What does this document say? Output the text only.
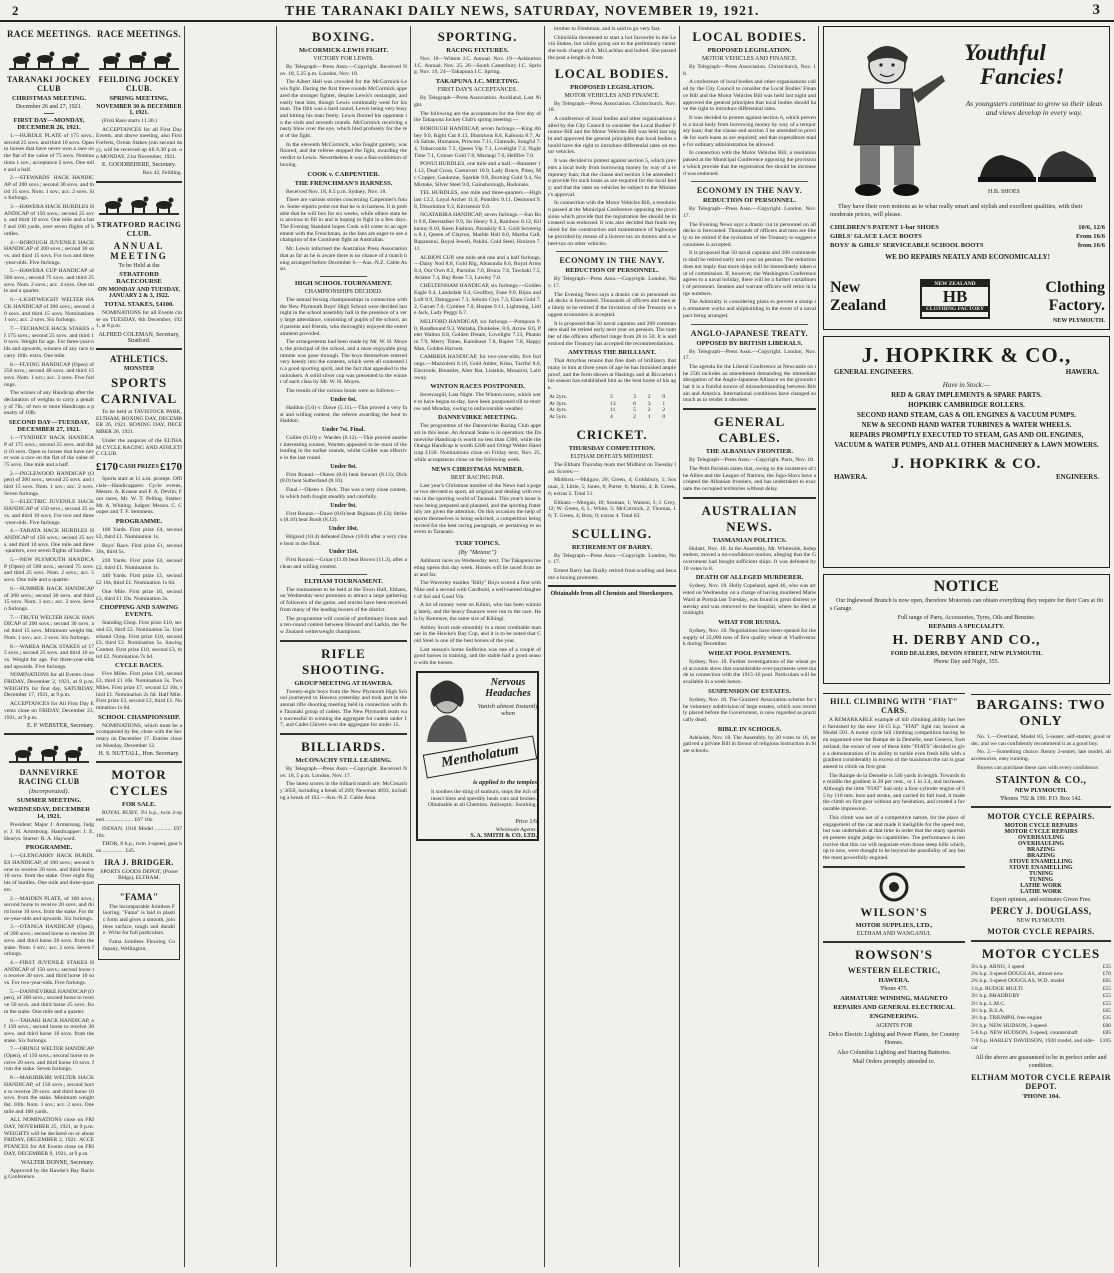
2	THE TARANAKI DAILY NEWS, SATURDAY, NOVEMBER 19, 1921.	3
RACE MEETINGS.
TARANAKI JOCKEY CLUB
CHRISTMAS MEETING.
December 26 and 27, 1921.
FIRST DAY—MONDAY, DECEMBER 26, 1921.

1.—HURDLE PLATE of 175 sovs.; second 25 sovs. and third 10 sovs. Open to horses that have never won a race on the flat of the value of 75 sovs. Nominations 1 sov.; acceptance 2 sovs. One mile and a half.

2.—STEWARDS' HACK HANDICAP of 200 sovs.; second 30 sovs. and third 15 sovs. Nom. 1 sov.; acc. 2 sovs. Six furlongs.

3.—HAWERA HACK HURDLES HANDICAP of 150 sovs.; second 25 sovs. and third 10 sovs. One mile and a half and 100 yards, over seven flights of hurdles.

4.—BOROUGH JUVENILE HACK HANDICAP of 200 sovs.; second 30 sovs. and third 15 sovs. For two and three-year-olds. Five furlongs.

5.—HAWERA CUP HANDICAP of 500 sovs.; second 75 sovs. and third 25 sovs. Nom. 2 sovs.; acc. 4 sovs. One mile and a quarter.

6.—LIGHTWEIGHT WELTER HACK HANDICAP of 200 sovs.; second 40 sovs. and third 15 sovs. Nominations 1 sov.; acc. 2 sovs. Six furlongs.

7.—TECHANCE HACK STAKES of 175 sovs.; second 25 sovs. and third 10 sovs. Weight for age. For three-year-olds and upwards, winners of any race to carry 10lb. extra. One mile.

8.—FLYING HANDICAP (Open) of 250 sovs.; second 40 sovs. and third 15 sovs. Nom. 1 sov.; acc. 2 sovs. Five furlongs.

The winner of any Handicap after the declaration of weights to carry a penalty of 7lb.; of two or more Handicaps a penalty of 10lb.

SECOND DAY—TUESDAY, DECEMBER 27, 1921.

1.—TYNDHEY HACK HANDICAP of 175 sovs.; second 25 sovs. and third 10 sovs. Open to horses that have never won a race on the flat of the value of 75 sovs. One mile and a half.

2.—INGLEWOOD HANDICAP (Open) of 200 sovs.; second 25 sovs. and third 15 sovs. Nom. 1 sov.; acc. 2 sovs. Seven furlongs.

3.—ELECTRIC JUVENILE HACK HANDICAP of 150 sovs.; second 25 sovs. and third 10 sovs. For two and three-year-olds. Five furlongs.

4.—TARATA HACK HURDLES HANDICAP of 150 sovs.; second 25 sovs. and third 10 sovs. One mile and three-quarters, over seven flights of hurdles.

5.—NEW PLYMOUTH HANDICAP (Open) of 500 sovs.; second 75 sovs. and third 25 sovs. Nom. 2 sovs.; acc. 5 sovs. One mile and a quarter.

6.—SUMMER HACK HANDICAP of 200 sovs.; second 30 sovs. and third 15 sovs. Nom. 1 sov.; acc. 2 sovs. Seven furlongs.

7.—TRUTH WELTER HACK HANDICAP of 200 sovs.; second 30 sovs. and third 15 sovs. Minimum weight 8st. Nom. 1 sov.; acc. 2 sovs. Six furlongs.

8.—WAREA HACK STAKES of 175 sovs.; second 25 sovs. and third 10 sovs. Weight for age. For three-year-olds and upwards. Five furlongs.

NOMINATIONS for all Events close FRIDAY, December 2, 1921, at 9 p.m. WEIGHTS for first day, SATURDAY, December 17, 1921, at 9 p.m.

ACCEPTANCES for All First Day Events close on FRIDAY, December 23, 1921, at 9 p.m.

E. P. WEBSTER, Secretary.
DANNEVIRKE RACING CLUB
(Incorporated).
SUMMER MEETING.
WEDNESDAY, DECEMBER 14, 1921.

President: Major J. Armstrong. Judge: J. H. Armstrong. Handicapper: J. E. Henrys. Starter: R. A. Hayward.

PROGRAMME.

1.—GLENGARRY HACK HURDLES HANDICAP, of 100 sovs.; second horse to receive 20 sovs. and third horse 10 sovs. from the stake. Over eight flights of hurdles. One mile and three-quarters.

2.—MAIDEN PLATE, of 100 sovs.; second horse to receive 20 sovs. and third horse 10 sovs. from the stake. For three-year-olds and upwards. Six furlongs.

3.—OTANGA HANDICAP (Open), of 200 sovs.; second horse to receive 30 sovs. and third horse 20 sovs. from the stake. Nom. 1 sov.; acc. 2 sovs. Seven furlongs.

4.—FIRST JUVENILE STAKES HANDICAP of 150 sovs.; second horse to receive 30 sovs. and third horse 10 sovs. For two-year-olds. Five furlongs.

5.—DANNEVIRKE HANDICAP (Open), of 300 sovs.; second horse to receive 50 sovs. and third horse 25 sovs. from the stake. One mile and a quarter.

6.—TAHAKI HACK HANDICAP, of 150 sovs.; second horse to receive 30 sovs. and third horse 10 sovs. from the stake. Six furlongs.

7.—ORINGI WELTER HANDICAP (Open), of 150 sovs.; second horse to receive 20 sovs. and third horse 10 sovs. from the stake. Seven furlongs.

8.—MAKIRIKIRI WELTER HACK HANDICAP, of 150 sovs.; second horse to receive 20 sovs. and third horse 10 sovs. from the stake. Minimum weight 8st. 10lb. Nom. 1 sov.; acc. 2 sovs. One mile and 100 yards.

ALL NOMINATIONS close on FRIDAY, NOVEMBER 25, 1921, at 9 p.m. WEIGHTS will be declared on or about FRIDAY, DECEMBER 2, 1921. ACCEPTANCES for All Events close on FRIDAY, DECEMBER 9, 1921, at 9 p.m.

WALTER DONNE, Secretary.

Approved by the Hawke's Bay Racing Conference.

RACE MEETINGS.
FEILDING JOCKEY CLUB.
SPRING MEETING.
NOVEMBER 30 & DECEMBER 1, 1921.

(First Race starts 11.30.)

ACCEPTANCES for all First Day Events, and above meeting, also First Forfeits, Ocean Stakes (run second day), will be received up till 8.30 p.m. on MONDAY, 21st November, 1921.

E. GOODBEHERE, Secretary.

Box 42, Feilding.

STRATFORD RACING CLUB.
ANNUAL MEETING
To be Held at the
STRATFORD RACECOURSE
ON MONDAY AND TUESDAY, JANUARY 2 & 3, 1922.
TOTAL STAKES, £4100.

NOMINATIONS for all Events close on TUESDAY, 6th December, 1921, at 8 p.m.

ALFRED COLEMAN, Secretary, Stratford.
ATHLETICS.
MONSTER
SPORTS CARNIVAL

To be held at TAVISTOCK PARK, ELTHAM, BOXING DAY, DECEMBER 26, 1921. BOXING DAY, DECEMBER 26, 1921.

Under the auspices of the ELTHAM CYCLE RACING AND ATHLETIC CLUB.

£170 CASH PRIZES £170

Sports start at 11 a.m. prompt. Officials—Handicappers: Cycle events, Messrs. A. Krause and F. A. Devlin; Foot races, Mr. W. T. Pelling. Starter: Mr. A. Whiting. Judges: Messrs. C. Cooper and T. F. Semmens.

PROGRAMME.

100 Yards. First prize £4, second £2, third £1. Nomination 1s.

Boys' Race. First prize £1, second 10s, third 5s.

220 Yards. First prize £4, second £2, third £1. Nomination 1s.

440 Yards. First prize £5, second £2 10s, third £1. Nomination 1s 6d.

One Mile. First prize £6, second £3, third £1 10s. Nomination 2s.

CHOPPING AND SAWING EVENTS.

Standing Chop. First prize £10, second £3, third £2. Nomination 5s. Underhand Chop. First prize £10, second £3, third £2. Nomination 5s. Sawing Contest. First prize £10, second £3, third £2. Nomination 7s 6d.

CYCLE RACES.

Five Miles. First prize £10, second £3, third £1 10s. Nomination 5s. Two Miles. First prize £7, second £2 10s, third £1. Nomination 2s 6d. Half Mile. First prize £3, second £2, third £1. Nomination 1s 6d.

SCHOOL CHAMPIONSHIP.

NOMINATIONS, which must be accompanied by fee, close with the Secretary on December 17. Entries close on Monday, December 12.

H. S. NUTTALL, Hon. Secretary.
MOTOR CYCLES
FOR SALE.

ROYAL RUBY, 3½ h.p., twin 2-speed .................... £67 10s.

INDIAN, 1918 Model ............ £97 10s.

THOR, 8 h.p., twin 3-speed, gear box ............... £45.

IRA J. BRIDGER.
SPORTS GOODS DEPOT, (Poore Bldgs), ELTHAM.
"FAMA"

The incomparable Jointless Flooring. "Fama" is laid in plastic form and gives a smooth, jointless surface, tough and durable. Write for full particulars.

Fama Jointless Flooring Company, Wellington.

BOXING.
McCORMICK-LEWIS FIGHT.
VICTORY FOR LEWIS.

By Telegraph—Press Assn.—Copyright. Received Nov. 18, 5.25 p.m. London, Nov. 18.

The Albert Hall was crowded for the McCormick-Lewis fight. During the first three rounds McCormick appeared the stronger fighter, despite Lewis's onslaught, and easily beat him, though Lewis continually went for his man. The fifth was a hard round, Lewis being very busy and hitting his man freely. Lewis floored his opponent in the sixth and seventh rounds. McCormick receiving a nasty blow over the eye, which bled profusely for the rest of the fight.

In the eleventh McCormick, who fought gamely, was floored, and the referee stopped the fight, awarding the verdict to Lewis. Nevertheless it was a fine exhibition of boxing.

COOK v. CARPENTIER.
THE FRENCHMAN'S HARNESS.

Received Nov. 18, 8.5 p.m. Sydney, Nov. 18.

There are various stories concerning Carpentier's future. Some reports point out that he is in harness. It is probable that he will box for six weeks, while others state he is anxious to fill in and is hoping to fight in a few days. The Evening Standard hopes Cook will come to an agreement with the Frenchman, as the fans are eager to see a champion of the Continent fight an Australian.

Mr. Lewis informed the Australian Press Association that as far as he is aware there is no chance of a match being arranged before December 6.—Aus.-N.Z. Cable Assn.

HIGH SCHOOL TOURNAMENT.
CHAMPIONSHIPS DECIDED.

The annual boxing championships in connection with the New Plymouth Boys' High School were decided last night in the school assembly hall in the presence of a very large attendance, consisting of pupils of the school, and parents and friends, who thoroughly enjoyed the entertainment provided.

The arrangements had been made by Mr. W. H. Moyes, the principal of the school, and a most enjoyable programme was gone through. The boys themselves entered very keenly into the contests, which were all contested in a good sporting spirit, and the fact that appealed to the onlookers. A solid silver cup was presented to the winner of each class by Mr. W. H. Moyes.

The results of the various bouts were as follows:—

Under 6st.

Haddon (5.0) v. Dawe (5.11).—This proved a very fast and willing contest, the referee awarding the bout to Haddon.

Under 7st. Final.

Collier (6.10) v. Warden (6.12).—This proved another interesting contest, Warden appeared to be most of the leading in the earlier rounds, whilst Collier was effective in the last round.

Under 8st.

First Round.—Okeen (8.0) beat Stewart (8.13); Dick (8.0) beat Sutherland (8.10).

Final.—Okeen v. Dick. This was a very close contest, in which both fought steadily and carefully.

Under 9st.

First Round.—Dawe (8.0) beat Bighans (8.13); Strikes (8.10) beat Boult (8.12).

Under 10st.

Bilgood (10.4) defeated Dawe (10.0) after a very close bout in the final.

Under 11st.

First Round.—Gruar (11.0) beat Brown (11.3), after a clean and willing contest.

ELTHAM TOURNAMENT.

The tournament to be held at the Town Hall, Eltham, on Wednesday next promises to attract a large gathering of followers of the game, and entries have been received from many of the leading boxers of the district.

The programme will consist of preliminary bouts and a ten-round contest between Howard and Larkin, the New Zealand welterweight champions.

RIFLE SHOOTING.
GROUP MEETING AT HAWERA.

Twenty-eight boys from the New Plymouth High School journeyed to Hawera yesterday and took part in the annual rifle shooting meeting held in connection with the Taranaki group of cadets. The New Plymouth team was successful in winning the aggregate for cadets under 17, and Cadet Chivers won the aggregate for under 15.

BILLIARDS.
McCONACHY STILL LEADING.

By Telegraph—Press Assn.—Copyright. Received Nov. 18, 5 p.m. London, Nov. 17.

The latest scores in the billiard match are: McConachy 3650, including a break of 269; Newman 4693, including a break of 162.—Aus.-N.Z. Cable Assn.

SPORTING.
RACING FIXTURES.

Nov. 18—Winton J.C. Annual. Nov. 19—Ashburton J.C. Annual. Nov. 25, 26—South Canterbury J.C. Spring. Nov. 19, 24—Takapuna J.C. Spring.

TAKAPUNA J.C. MEETING.
FIRST DAY'S ACCEPTANCES.

By Telegraph—Press Association. Auckland, Last Night.

The following are the acceptances for the first day of the Takapuna Jockey Club's spring meeting:—

BOROUGH HANDICAP, seven furlongs.—King Abbey 9.0, Right Cut 8.13, Illustrious 8.8, Kabooia 8.7, Arch Salute, Humanus, Princess 7.11, Clarendo, Songful 7.4, Tobacconist 7.3, Queen Vip 7.1, Lovelight 7.2, Night Time 7.1, Cruiser Gold 7.0, Marangi 7.0, Hellfire 7.0.

PONUI HURDLES, one mile and a half.—Banaster 11.12, Dual Cross, Coeurvert 10.9, Lady Bruce, Pimo, Mc Copper, Gaulonne, Sparkle 9.8, Burning Gold 9.4, No Mistake, Silver Steel 9.0, Gainsborough, Hodonais.

TEL HURDLES, one mile and three-quarters.—Highlast 12.2, Loyal Archer 11.0, Pontifex 9.11, Desmond 9.8, Dissolution 9.3, Kirriemuir 9.0.

NGATARIRA HANDICAP, seven furlongs.—Sun Bolt 9.8, Deerstalker 9.9, Sir Henry 9.2, Rainbow 8.12, Kilkenny 8.10, Keen Fashion, Paraskily 8.3, Gold Sovereign 8.1, Queen of Clayton, Marble Hall 8.0, Martha Gall, Rapananui, Royal Jewell, Pakihi, Cold Steel, Horizon 7.11.

ALBION CUP, one mile and one and a half furlongs.—Daisy Nod 8.8, Gold Rig, Abusunda 8.6, Royal Arms 8.4, Our Own 8.2, Pactolus 7.8, Bronx 7.6, Tawhaki 7.5, Aviator 7.4, Bay Rose 7.3, Lawley 7.0.

CHELTENHAM HANDICAP, six furlongs.—Golden Eagle 9.4, Landsdale 9.4, Geoffrey, Fane 9.0, Bijou and Loft 8.9, Dainggoon 7.3, Soboin Crys 7.3, Elam Gold 7.2, Garnet 7.0, Cymbee 7.0, Harpee 9.11, Lightning, Little Jack, Lady Peggy 6.7.

MELFORD HANDICAP, six furlongs.—Pompous 9.0, Roadbound 9.3, Waitaha, Dunkelee, 8.6, Arrow 8.6, Peter Walton 8.8, Golden Dream, Lovelight 7.13, Phantom 7.9, Merry Times, Kamikaze 7.8, Rapier 7.8, Happy Man, Golden Harvest.

CAMBRIA HANDICAP, for two-year-olds; five furlongs.—Mazzoleni 8.10, Gold Adder, Kilso, Tactful 8.0, Electrode, Breastlet, Alter Rat, Listakin, Mosaicst, Lalrtoway.

WINTON RACES POSTPONED.

Invercargill, Last Night. The Winton races, which were to have begun to-day, have been postponed till to-morrow and Monday, owing to unfavourable weather.

DANNEVIRKE MEETING.

The programme of the Dannevirke Racing Club appears in this issue. An Annual Stake is in operation; the Dannevirke Handicap is worth no less than £300, while the Otanga Handicap is worth £200 and Oringi Welter Handicap £150. Nominations close on Friday next, Nov. 25, while acceptances close on the following week.

NEWS CHRISTMAS NUMBER.
BEST RACING PAR.

Last year's Christmas number of the News had a page or two devoted to sport, all original and dealing with events in the sporting world of Taranaki. This year's issue is now being prepared and planned, and the sporting fraternity are given the attention. On this occasion the help of sports themselves is being solicited, a competition being invited for the best racing paragraph, or pertaining to an event in Taranaki.

TURF TOPICS.
(By "Meteor.")

Ashburst races on Wednesday next. The Takapuna meeting opens this day week. Horses will be raced from near and far.

The Waverley maiden "Billy" Boys scored a first with Nike and a second with Cardhold, a well-named daughter of Sol and Good Vin.

A lot of money went on Kihini, who has been winning lately, and the heavy finances were run to the race. He is by Kenmure, the same sire of Kihingi.

Ashley Scott rode smoothly in a most creditable manner in the Hawke's Bay Cup, and it is to be noted that Cold Steel is one of the best horses of the year.

Last season's home Solferino was one of a couple of good horses in training, and the stable had a good season with the horses.

Nervous Headaches
Vanish almost Instantly when
Mentholatum
is applied to the temples
It soothes the sting of sunburn, stops the itch of insect bites and speedily heals cuts and bruises. Obtainable at all Chemists. Antiseptic. Soothing.
Price 1/6
Wholesale Agents.
S. A. SMITH & CO. LTD.

brother to Freshman, and is said to go very fast.

Chinchilla threatened to start a hot favourite in the Levin Stakes, but whilst going out to the preliminary canter she took charge of A. McLachlan and bolted. She passed the post a length in front.

LOCAL BODIES.
PROPOSED LEGISLATION.
MOTOR VEHICLES AND FINANCE.

By Telegraph—Press Association. Christchurch, Nov. 18.

A conference of local bodies and other organisations called by the City Council to consider the Local Bodies' Finance Bill and the Motor Vehicles Bill was held last night and approved the general principles that local bodies should have the right to introduce differential rates on motor vehicles.

It was decided to protest against section 5, which prevents a local body from borrowing money by way of a temporary loan; that the clause and section 3 be amended to provide for such loans as are required for the local body; and that the rates on vehicles be subject to the Minister's approval.

In connection with the Motor Vehicles Bill, a resolution passed at the Municipal Conference opposing the provisions which provide that the registration fee should be increased was endorsed. It was also decided that funds required for the construction and maintenance of highways be provided by means of a licence tax on motors and a wheel-tax on other vehicles.

ECONOMY IN THE NAVY.
REDUCTION OF PERSONNEL.

By Telegraph—Press Assn.—Copyright. London, Nov. 17.

The Evening News says a drastic cut in personnel on all decks is forecasted. Thousands of officers and men are likely to be retired if the Invitation of the Treasury to suggest economies is accepted.

It is proposed that 50 naval captains and 200 commanders shall be retired early next year on pension. The number of the officers affected range from 26 to 50. It is understood the Treasury has accepted the recommendations.

AMYTHAS THE BRILLIANT.

That Amythas retains that fine dash of brilliancy that many in him at three years of age he has furnished ample proof, and the form shown at Hastings and at Riccarton this season has established him as the best horse of his age.

At 2yrs.	5	3	2	0
At 3yrs.	13	6	3	1
At 4yrs.	11	5	2	2
At 5yrs.	4	2	1	0
CRICKET.
THURSDAY COMPETITION.
ELTHAM DEFEATS MIDHIRST.

The Eltham Thursday team met Midhirst on Tuesday last. Scores:—

Midhirst.—Mulgaw, 20; Green, 4; Goldsbury, 1; Sosman, 3; Little, 5; Jones, 0; Porter, 6; Martin, 4; R. Green, 6; extras 2. Total 51.

Eltham.—Morgan, 10; Sosman, 1; Watson, 3; J. Grey, 12; W. Green, 6; L. White, 5; McCormick, 2; Thomas, 16; T. Green, 4; Bray, 0; extras 4. Total 63.

SCULLING.
RETIREMENT OF BARRY.

By Telegraph—Press Assn.—Copyright. London, Nov. 17.

Ernest Barry has finally retired from sculling and became a boxing promoter.

Obtainable from all Chemists and Storekeepers.
LOCAL BODIES.
PROPOSED LEGISLATION.
MOTOR VEHICLES AND FINANCE.

By Telegraph—Press Association. Christchurch, Nov. 18.

A conference of local bodies and other organisations called by the City Council to consider the Local Bodies' Finance Bill and the Motor Vehicles Bill was held last night and approved the general principles that local bodies should have the right to introduce differential rates.

It was decided to protest against section 6, which prevents a local body from borrowing money by way of a temporary loan; that the clause and section 3 be amended to provide for such loans as are required; and that expenditure made for ordinary administration be allowed.

In connection with the Motor Vehicles Bill, a resolution passed at the Municipal Conference opposing the provisions which provide that the registration fee should be increased was endorsed.

ECONOMY IN THE NAVY.
REDUCTION OF PERSONNEL.

By Telegraph—Press Assn.—Copyright. London, Nov. 17.

The Evening News says a drastic cut in personnel on all decks is forecasted. Thousands of officers and men are likely to be retired if the invitation of the Treasury to suggest economies is accepted.

It is proposed that 50 naval captains and 200 commanders shall be retired early next year on pension. The reduction does not imply that more ships will be immediately taken out of commission. If, however, the Washington Conference agrees to a naval holiday, there will be a further curtailment of personnel. Seamen and warrant officers will retire in large numbers.

The Admiralty is considering plans to prevent a slump in armament works and shipbuilding in the event of a naval pact being arranged.

ANGLO-JAPANESE TREATY.
OPPOSED BY BRITISH LIBERALS.

By Telegraph—Press Assn.—Copyright. London, Nov. 17.

The agenda for the Liberal Conference at Newcastle on the 25th includes an amendment demanding the immediate abrogation of the Anglo-Japanese Alliance on the grounds that it is a fruitful source of misunderstanding between Britain and America. International conditions have changed so much as to render it obsolete.

GENERAL CABLES.
THE ALBANIAN FRONTIER.

By Telegraph—Press Assn.—Copyright. Paris, Nov. 18.

The Petit Parisien states that, owing to the insistence of the Allies and the League of Nations, the Jugo-Slavs have accepted the Albanian frontiers, and has undertaken to evacuate the occupied territories without delay.

AUSTRALIAN NEWS.
TASMANIAN POLITICS.

Hobart, Nov. 18. In the Assembly, Mr. Whiteside, Independent, moved a no-confidence motion, alleging that the Government had bought sufficient ships. It was defeated by 10 votes to 8.

DEATH OF ALLEGED MURDERER.

Sydney, Nov. 18. Holly Copeland, aged 46, who was arrested on Wednesday on a charge of having murdered Marie Ward at Portsia last Tuesday, was found in great distress yesterday and was removed to the hospital, where he died at midnight.

WHAT FOR RUSSIA.

Sydney, Nov. 18. Negotiations have been opened for the supply of 22,000 tons of first quality wheat at Vladivostock during December.

WHEAT POOL PAYMENTS.

Sydney, Nov. 18. Further investigations of the wheat pool accounts show that considerable over-payments were made in connection with the 1915-16 pool. Particulars will be available in a week hence.

SUSPENSION OF ESTATES.

Sydney, Nov. 18. The Graziers' Association scheme for the voluntary subdivision of large estates, which was recently placed before the Government, is now regarded as practically dead.

BIBLE IN SCHOOLS.

Adelaide, Nov. 18. The Assembly, by 20 votes to 16, negatived a private Bill in favour of religious instruction in State schools.

Youthful
Fancies!
As youngsters continue to grow so their ideas and views develop in every way.
H.B. SHOES

They have their own notions as to what really smart and stylish and excellent qualities, with their moderate prices, will please.

CHILDREN'S PATENT 1-bar SHOES	10/6, 12/6
GIRLS' GLACE LACE BOOTS	From 16/6
BOYS' & GIRLS' SERVICEABLE SCHOOL BOOTS	from 16/6
WE DO REPAIRS NEATLY AND ECONOMICALLY!
New
Zealand
NEW ZEALAND
HB
CLOTHING FACTORY
Clothing
Factory.
NEW PLYMOUTH.
J. HOPKIRK & CO.,
GENERAL ENGINEERS.	HAWERA.
Have in Stock:—
RED & GRAY IMPLEMENTS & SPARE PARTS.
HOPKIRK CAMBRIDGE ROLLERS.
SECOND HAND STEAM, GAS & OIL ENGINES & VACUUM PUMPS.
NEW & SECOND HAND WATER TURBINES & WATER WHEELS.
REPAIRS PROMPTLY EXECUTED TO STEAM, GAS AND OIL ENGINES, VACUUM & WATER PUMPS, AND ALL OTHER MACHINERY & LAWN MOWERS.
J. HOPKIRK & CO.
HAWERA.	ENGINEERS.
NOTICE

Our Inglewood Branch is now open, therefore Motorists can obtain everything they require for their Cars at this Garage.

Full range of Parts, Accessories, Tyres, Oils and Benzine.
REPAIRS A SPECIALITY.
H. DERBY AND CO.,
FORD DEALERS, DEVON STREET, NEW PLYMOUTH.
Phone Day and Night, 355.
HILL CLIMBING WITH "FIAT" CARS.

A REMARKABLE example of hill climbing ability has been furnished by the new 10-15 h.p. "FIAT" light car, known as Model 501. A motor cycle hill climbing competition having been organised over the Rampe de la Demelle, near Geneva, Switzerland, the owner of one of these little "FIATS" decided to give a demonstration of its ability to tackle even fresh hills with a gradient considerably in excess of the maximum the car is guaranteed to climb on first gear.

The Rampe de la Demelle is 540 yards in length. Towards the middle the gradient is 28 per cent., or 1 in 3.4, and increases. Although the little "FIAT" had only a four-cylinder engine of 65 by 110 mm. bore and stroke, and carried its full load, it made the climb on first gear without any hesitation, and created a favourable impression.

This climb was not of a competitive nature, for the place of engagement of the car and made it ineligible for the speed test, but was undertaken at that time in order that the many sportsmen present might judge its capabilities. The performance is instructive that this car will negotiate even those steep hills which, up to now, were thought to be beyond the possibility of any but the most powerfully engined.

WILSON'S
MOTOR SUPPLIES, LTD.,
ELTHAM AND WANGANUI.
ROWSON'S
WESTERN ELECTRIC,
HAWERA.
'Phone 475.
ARMATURE WINDING, MAGNETO REPAIRS AND GENERAL ELECTRICAL ENGINEERING.
AGENTS FOR
Delco Electric Lighting and Power Plants, for Country Homes.
Also Columbia Lighting and Starting Batteries.
Mail Orders promptly attended to.
BARGAINS: TWO ONLY

No. 1.—Overland, Model 83, 5-seater, self-starter, good order, and we can confidently recommend it as a good buy.

No. 2.—Something choice: Renny 3-seater, late model, all accessories, easy running.

Buyers can purchase these cars with every confidence.

STAINTON & CO.,
NEW PLYMOUTH.
'Phones 792 & 190. P.O. Box 142.
MOTOR CYCLE REPAIRS.
MOTOR CYCLE REPAIRS
MOTOR CYCLE REPAIRS
OVERHAULING
OVERHAULING
BRAZING
BRAZING
STOVE ENAMELLING
STOVE ENAMELLING
TUNING
TUNING
LATHE WORK
LATHE WORK
Expert opinion, and estimates Given Free.
PERCY J. DOUGLASS,
NEW PLYMOUTH.
MOTOR CYCLE REPAIRS.
MOTOR CYCLES
3¼ h.p. ARNO, 3 speed	£35
2¾ h.p. 3-speed DOUGLAS, almost new	£70
2¾ h.p. 3-speed DOUGLAS, W.D. model	£65
3 h.p. RUDGE MULTI	£55
3½ h.p. BRADBURY	£55
2½ h.p. L.M.C.	£55
3½ h.p. B.S.A.	£65
3½ h.p. TRIUMPH, free engine	£35
3½ h.p. NEW HUDSON, 3-speed	£80
5-6 h.p. NEW HUDSON, 3-speed, countershaft	£85
7-9 h.p. HARLEY DAVIDSON, 1920 model, and side-car
£165
All the above are guaranteed to be in perfect order and condition.
ELTHAM MOTOR CYCLE REPAIR DEPOT.
'PHONE 104.
